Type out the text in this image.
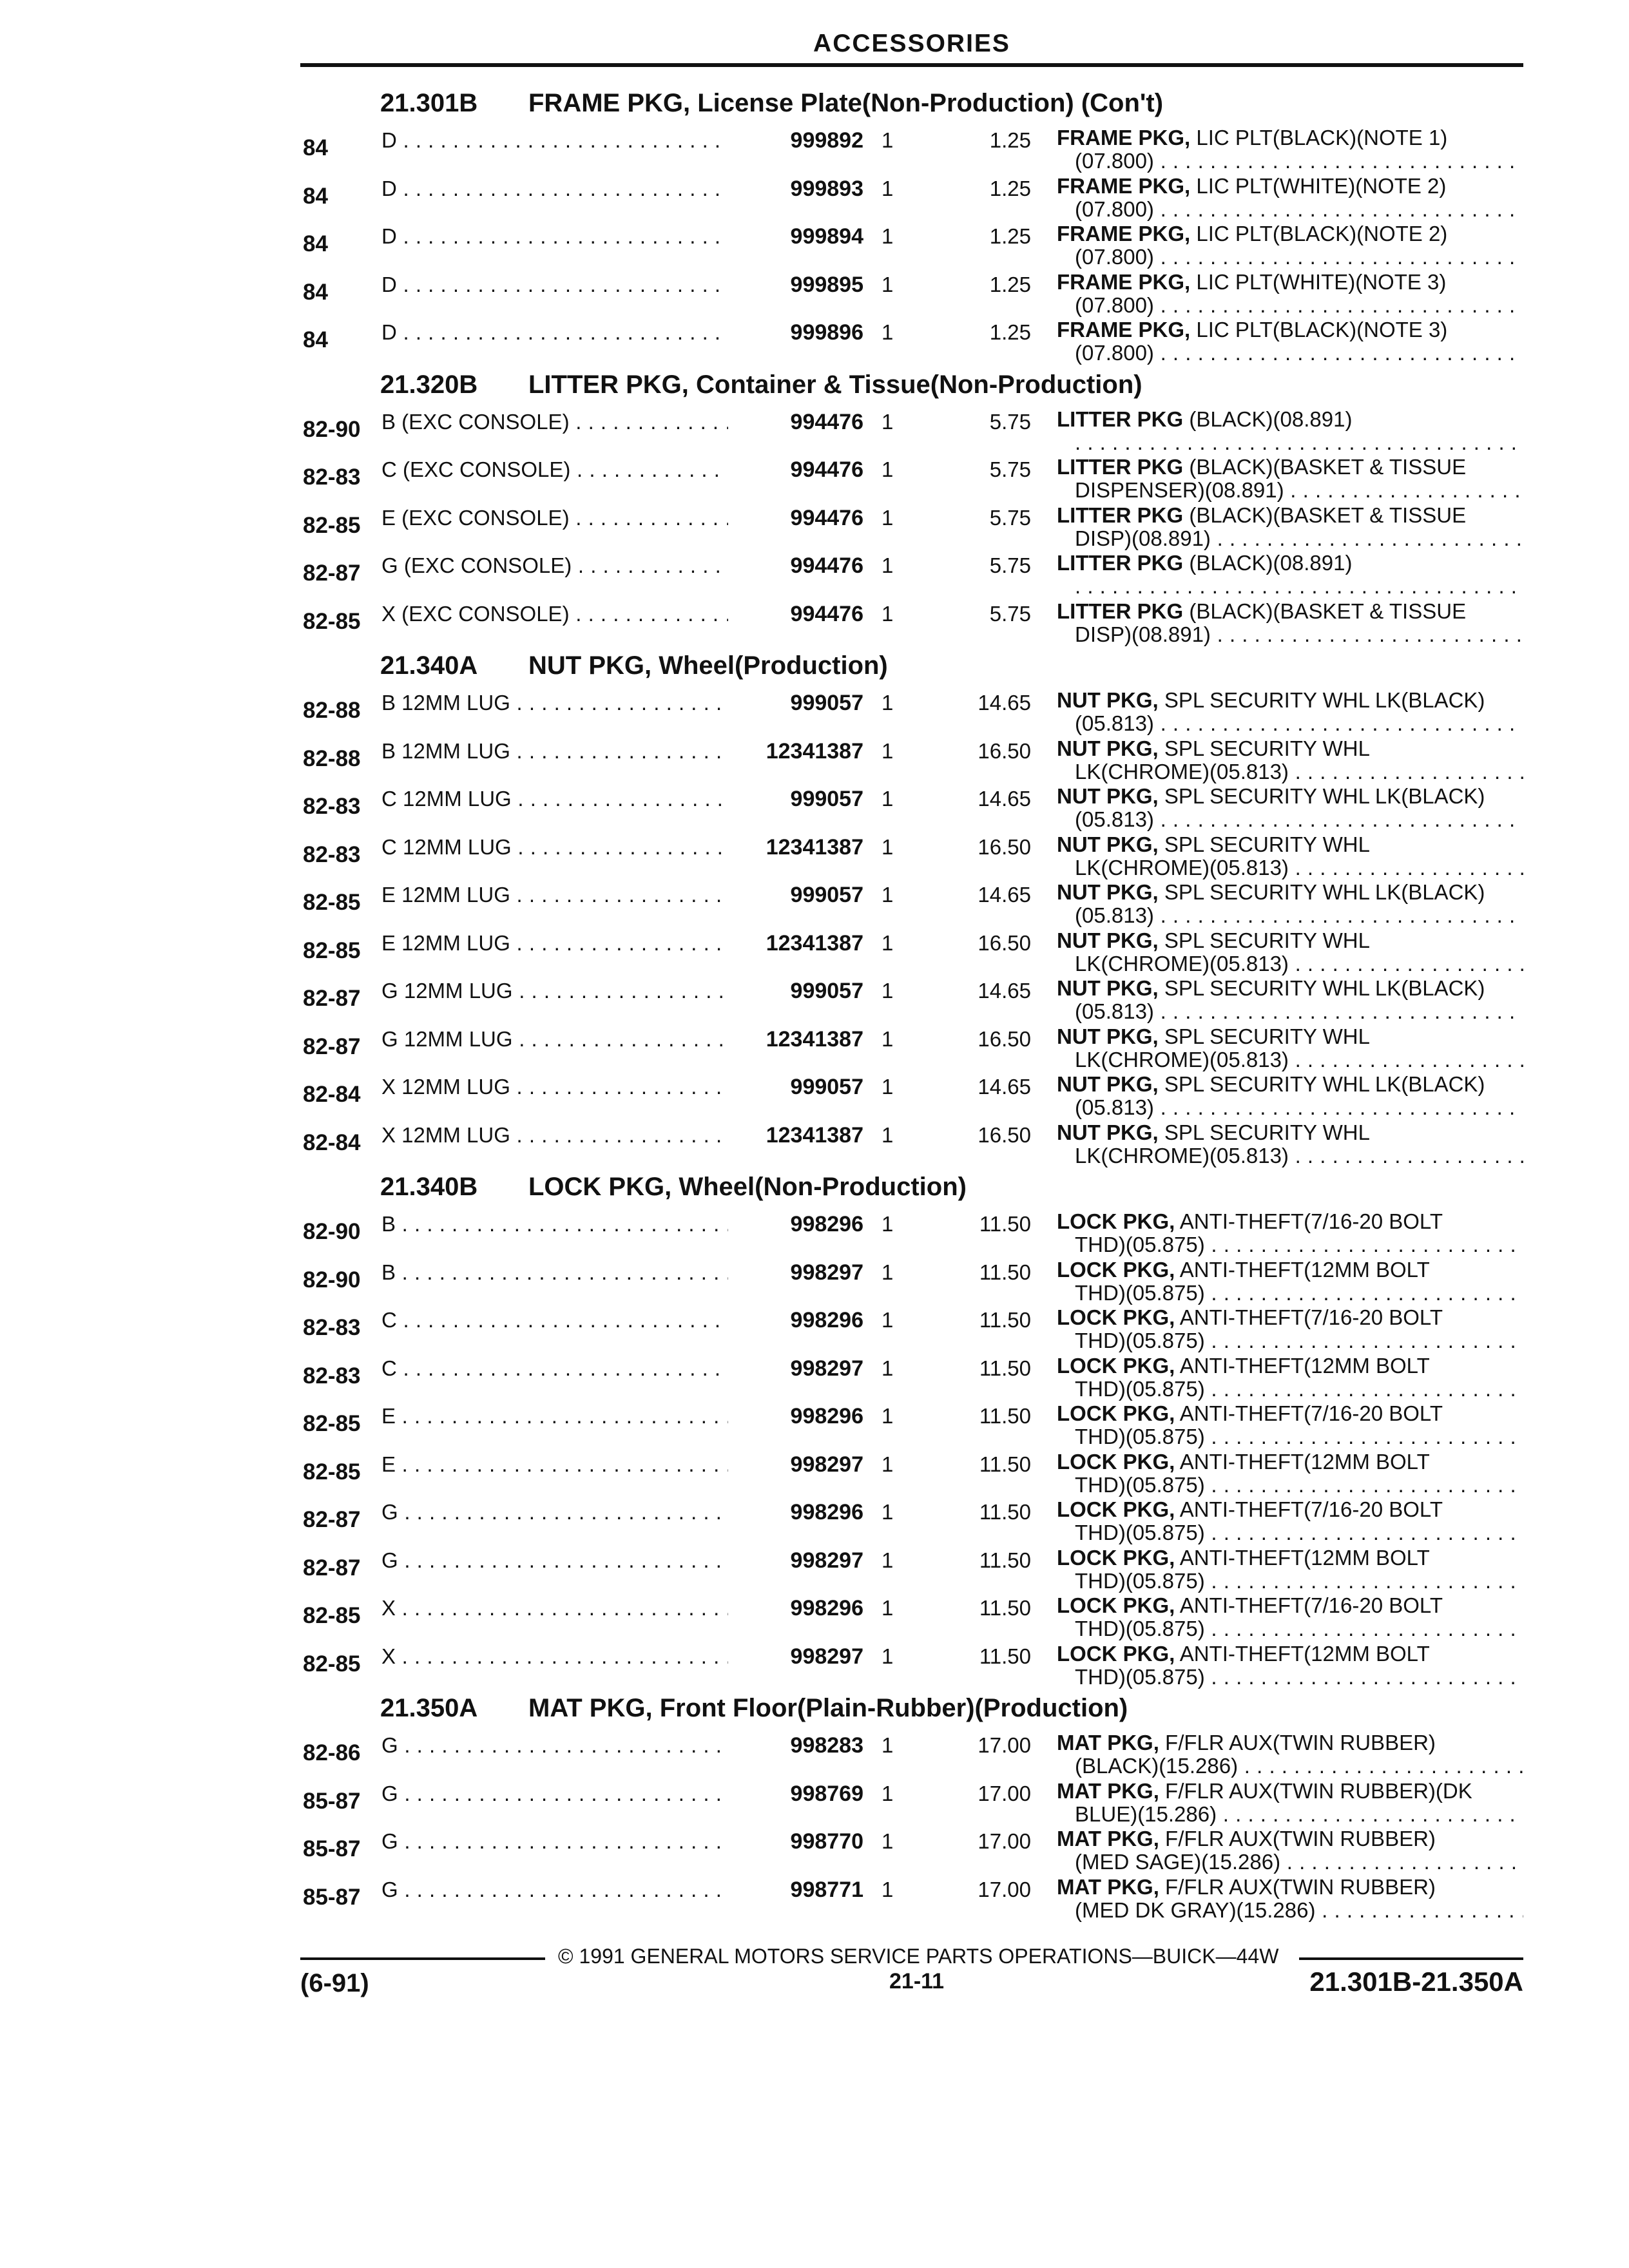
ACCESSORIES
21.301B FRAME PKG, License Plate(Non-Production) (Con't)
84	D . . .	999892 1	1.25 FRAME PKG, LIC PLT(BLACK)(NOTE 1)
(07.800) . . .
84	D . . .	999893 1	1.25 FRAME PKG, LIC PLT(WHITE)(NOTE 2)
(07.800) . . .
84	D . . .	999894 1	1.25 FRAME PKG, LIC PLT(BLACK)(NOTE 2)
(07.800) . . .
84	D . . .	999895 1	1.25 FRAME PKG, LIC PLT(WHITE)(NOTE 3)
(07.800) . . .
84	D . . .	999896 1	1.25 FRAME PKG, LIC PLT(BLACK)(NOTE 3)
(07.800) . . .
21.320B LITTER PKG, Container & Tissue(Non-Production)
82-90 B (EXC CONSOLE) . . .	994476 1	5.75 LITTER PKG (BLACK)(08.891)
. . .
82-83 C (EXC CONSOLE) . . .	994476 1	5.75 LITTER PKG (BLACK)(BASKET & TISSUE
DISPENSER)(08.891) . . .
82-85 E (EXC CONSOLE) . . .	994476 1	5.75 LITTER PKG (BLACK)(BASKET & TISSUE
DISP)(08.891) . . .
82-87 G (EXC CONSOLE) . . .	994476 1	5.75 LITTER PKG (BLACK)(08.891)
. . .
82-85 X (EXC CONSOLE) . . .	994476 1	5.75 LITTER PKG (BLACK)(BASKET & TISSUE
DISP)(08.891) . . .
21.340A NUT PKG, Wheel(Production)
82-88 B 12MM LUG . . .	999057 1	14.65 NUT PKG, SPL SECURITY WHL LK(BLACK)
(05.813) . . .
82-88 B 12MM LUG . . .	12341387 1	16.50 NUT PKG, SPL SECURITY WHL
LK(CHROME)(05.813) . . .
82-83 C 12MM LUG . . .	999057 1	14.65 NUT PKG, SPL SECURITY WHL LK(BLACK)
(05.813) . . .
82-83 C 12MM LUG . . .	12341387 1	16.50 NUT PKG, SPL SECURITY WHL
LK(CHROME)(05.813) . . .
82-85 E 12MM LUG . . .	999057 1	14.65 NUT PKG, SPL SECURITY WHL LK(BLACK)
(05.813) . . .
82-85 E 12MM LUG . . .	12341387 1	16.50 NUT PKG, SPL SECURITY WHL
LK(CHROME)(05.813) . . .
82-87 G 12MM LUG . . .	999057 1	14.65 NUT PKG, SPL SECURITY WHL LK(BLACK)
(05.813) . . .
82-87 G 12MM LUG . . .	12341387 1	16.50 NUT PKG, SPL SECURITY WHL
LK(CHROME)(05.813) . . .
82-84 X 12MM LUG . . .	999057 1	14.65 NUT PKG, SPL SECURITY WHL LK(BLACK)
(05.813) . . .
82-84 X 12MM LUG . . .	12341387 1	16.50 NUT PKG, SPL SECURITY WHL
LK(CHROME)(05.813) . . .
21.340B LOCK PKG, Wheel(Non-Production)
82-90 B . . .	998296 1	11.50 LOCK PKG, ANTI-THEFT(7/16-20 BOLT
THD)(05.875) . . .
82-90 B . . .	998297 1	11.50 LOCK PKG, ANTI-THEFT(12MM BOLT
THD)(05.875) . . .
82-83 C . . .	998296 1	11.50 LOCK PKG, ANTI-THEFT(7/16-20 BOLT
THD)(05.875) . . .
82-83 C . . .	998297 1	11.50 LOCK PKG, ANTI-THEFT(12MM BOLT
THD)(05.875) . . .
82-85 E . . .	998296 1	11.50 LOCK PKG, ANTI-THEFT(7/16-20 BOLT
THD)(05.875) . . .
82-85 E . . .	998297 1	11.50 LOCK PKG, ANTI-THEFT(12MM BOLT
THD)(05.875) . . .
82-87 G . . .	998296 1	11.50 LOCK PKG, ANTI-THEFT(7/16-20 BOLT
THD)(05.875) . . .
82-87 G . . .	998297 1	11.50 LOCK PKG, ANTI-THEFT(12MM BOLT
THD)(05.875) . . .
82-85 X . . .	998296 1	11.50 LOCK PKG, ANTI-THEFT(7/16-20 BOLT
THD)(05.875) . . .
82-85 X . . .	998297 1	11.50 LOCK PKG, ANTI-THEFT(12MM BOLT
THD)(05.875) . . .
21.350A MAT PKG, Front Floor(Plain-Rubber)(Production)
82-86 G . . .	998283 1	17.00 MAT PKG, F/FLR AUX(TWIN RUBBER)
(BLACK)(15.286) . . .
85-87 G . . .	998769 1	17.00 MAT PKG, F/FLR AUX(TWIN RUBBER)(DK
BLUE)(15.286) . . .
85-87 G . . .	998770 1	17.00 MAT PKG, F/FLR AUX(TWIN RUBBER)
(MED SAGE)(15.286) . . .
85-87 G . . .	998771 1	17.00 MAT PKG, F/FLR AUX(TWIN RUBBER)
(MED DK GRAY)(15.286) . . .
© 1991 GENERAL MOTORS SERVICE PARTS OPERATIONS—BUICK—44W
(6-91)	21-11	21.301B-21.350A
